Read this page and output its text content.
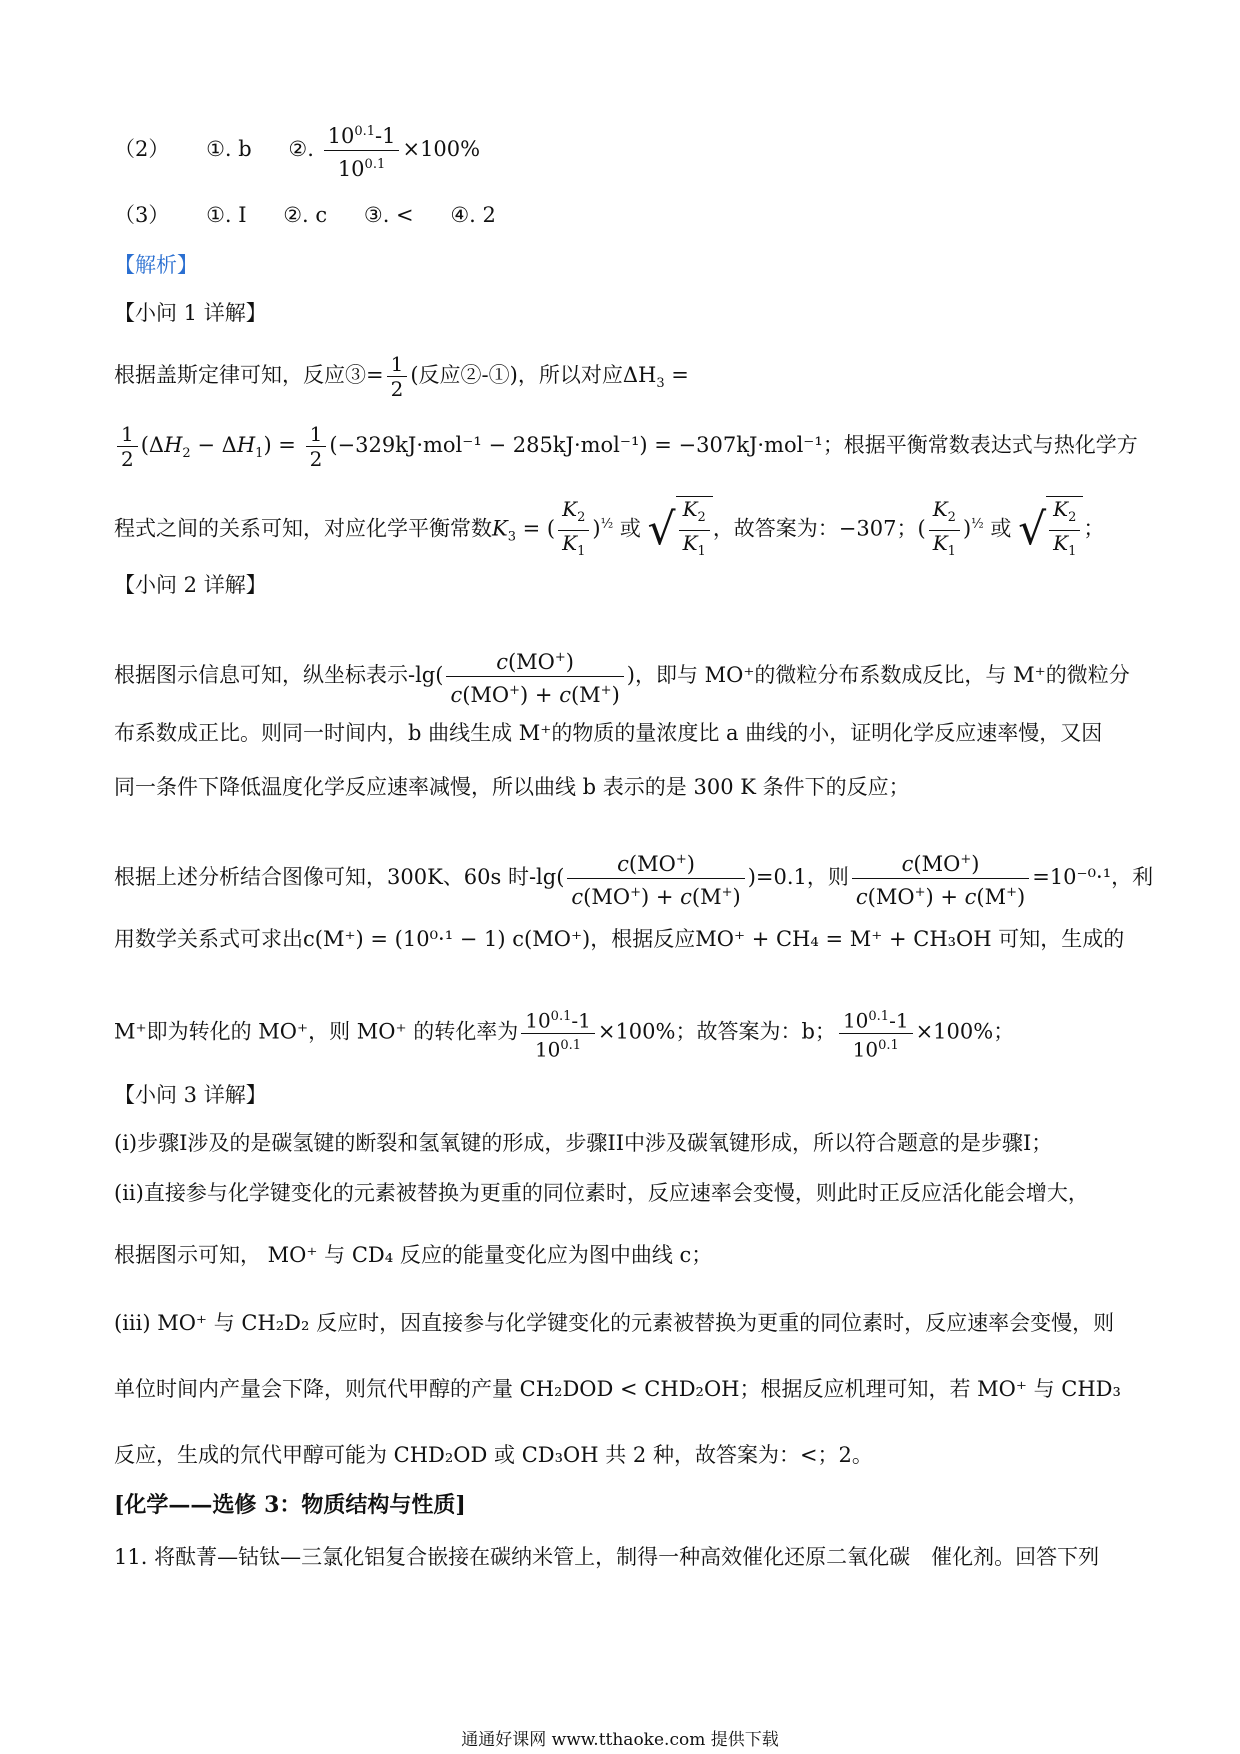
（2） ①. b ②. $\frac{10^{0.1}-1}{10^{0.1}} \times 100\%$
（3） ①. I ②. c ③. < ④. 2
【解析】
【小问 1 详解】
根据盖斯定律可知，反应③= $\frac{1}{2}$ (反应②-①)，所以对应$\Delta H_3$ =
$\frac{1}{2} (\Delta H_2 - \Delta H_1) = \frac{1}{2} (-329kJ\cdot mol^{-1} - 285kJ\cdot mol^{-1}) = -307kJ\cdot mol^{-1}$；根据平衡常数表达式与热化学方
程式之间的关系可知，对应化学平衡常数$K_3$ = ( $\frac{K_2}{K_1} )^{\frac{1}{2}}$ 或 √ $\frac{K_2}{K_1}$ ，故答案为：−307；( $\frac{K_2}{K_1} )^{\frac{1}{2}}$ 或 √ $\frac{K_2}{K_1}$ ；
【小问 2 详解】
根据图示信息可知，纵坐标表示$-\lg( \frac{c(MO^+)}{c(MO^+) + c(M^+)}$ )，即与 MO⁺的微粒分布系数成反比，与 M⁺的微粒分
布系数成正比。则同一时间内，b 曲线生成 M⁺的物质的量浓度比 a 曲线的小，证明化学反应速率慢，又因
同一条件下降低温度化学反应速率减慢，所以曲线 b 表示的是 300 K 条件下的反应；
根据上述分析结合图像可知，300K、60s 时$-\lg( \frac{c(MO^+)}{c(MO^+) + c(M^+)} )=0.1$，则 $\frac{c(MO^+)}{c(MO^+) + c(M^+)} =10^{-0}\cdot^1$，利
用数学关系式可求出c(M⁺) = (10⁰·¹ − 1) c(MO⁺)，根据反应MO⁺ + CH₄ = M⁺ + CH₃OH 可知，生成的
M⁺即为转化的 MO⁺，则 MO⁺ 的转化率为 $\frac{10^{0.1}-1}{10^{0.1}} \times 100\%$；故答案为：b； $\frac{10^{0.1}-1}{10^{0.1}} \times 100\%$；
【小问 3 详解】
(i)步骤I涉及的是碳氢键的断裂和氢氧键的形成，步骤II中涉及碳氧键形成，所以符合题意的是步骤I；
(ii)直接参与化学键变化的元素被替换为更重的同位素时，反应速率会变慢，则此时正反应活化能会增大，
根据图示可知， MO⁺ 与 CD₄ 反应的能量变化应为图中曲线 c；
(iii) MO⁺ 与 CH₂D₂ 反应时，因直接参与化学键变化的元素被替换为更重的同位素时，反应速率会变慢，则
单位时间内产量会下降，则氘代甲醇的产量 CH₂DOD < CHD₂OH；根据反应机理可知，若 MO⁺ 与 CHD₃
反应，生成的氘代甲醇可能为 CHD₂OD 或 CD₃OH 共 2 种，故答案为：<；2。
[化学——选修 3：物质结构与性质]
11. 将酞菁—钴钛—三氯化铝复合嵌接在碳纳米管上，制得一种高效催化还原二氧化碳　催化剂。回答下列
通通好课网 www.tthaoke.com 提供下载
